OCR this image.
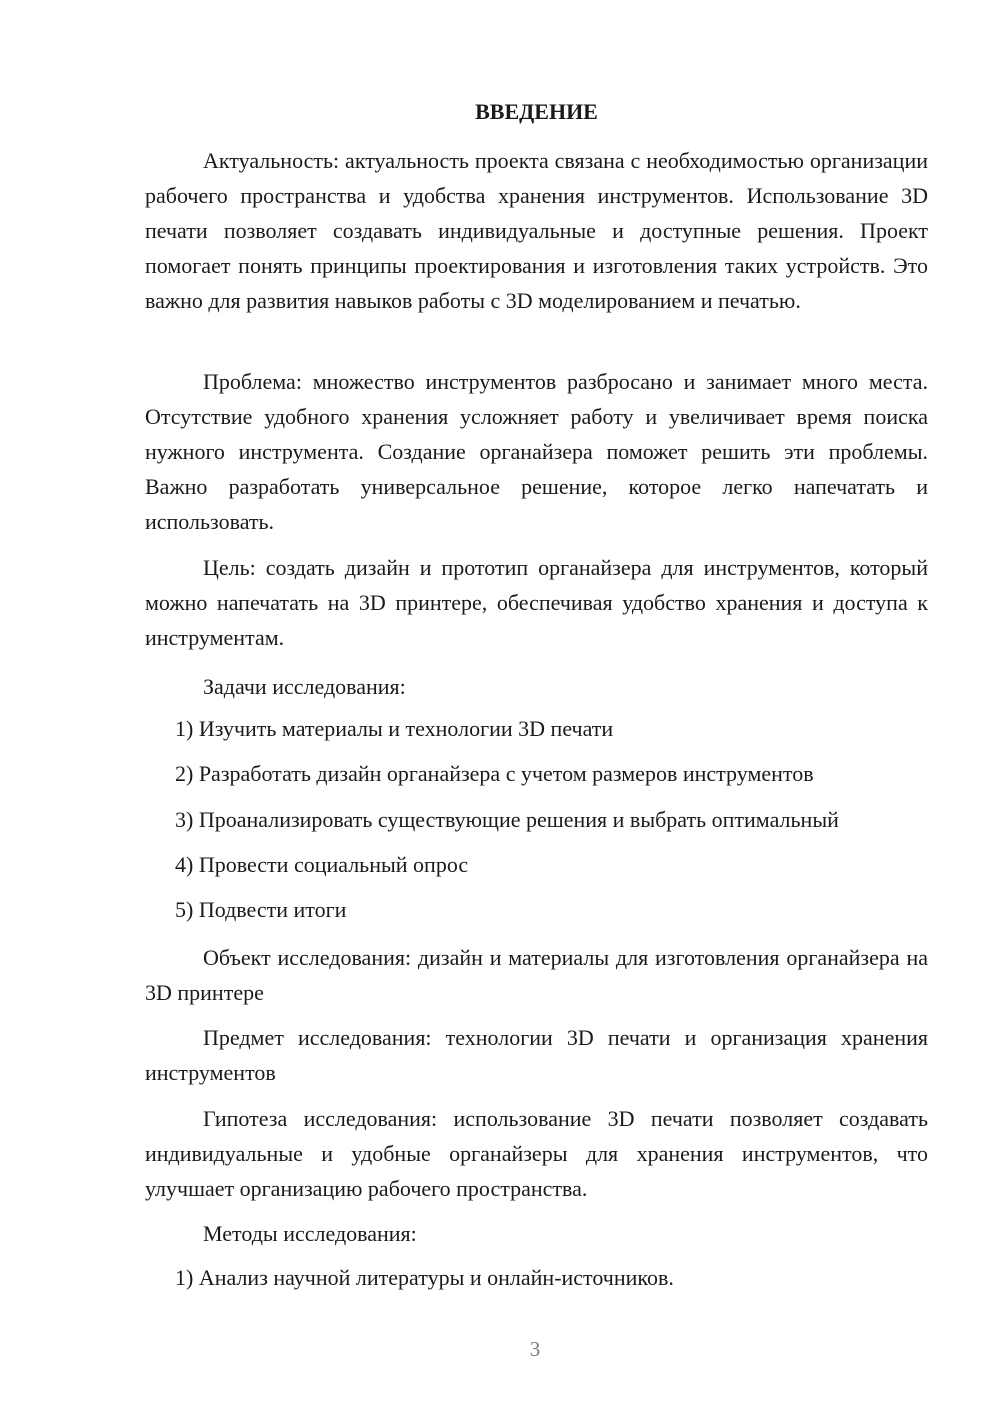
ВВЕДЕНИЕ

Актуальность: актуальность проекта связана с необходимостью организации рабочего пространства и удобства хранения инструментов. Использование 3D печати позволяет создавать индивидуальные и доступные решения. Проект помогает понять принципы проектирования и изготовления таких устройств. Это важно для развития навыков работы с 3D моделированием и печатью.

Проблема: множество инструментов разбросано и занимает много места. Отсутствие удобного хранения усложняет работу и увеличивает время поиска нужного инструмента. Создание органайзера поможет решить эти проблемы. Важно разработать универсальное решение, которое легко напечатать и использовать.

Цель: создать дизайн и прототип органайзера для инструментов, который можно напечатать на 3D принтере, обеспечивая удобство хранения и доступа к инструментам.

Задачи исследования:

1) Изучить материалы и технологии 3D печати

2) Разработать дизайн органайзера с учетом размеров инструментов

3) Проанализировать существующие решения и выбрать оптимальный

4) Провести социальный опрос

5) Подвести итоги

Объект исследования: дизайн и материалы для изготовления органайзера на 3D принтере

Предмет исследования: технологии 3D печати и организация хранения инструментов

Гипотеза исследования: использование 3D печати позволяет создавать индивидуальные и удобные органайзеры для хранения инструментов, что улучшает организацию рабочего пространства.

Методы исследования:

1) Анализ научной литературы и онлайн-источников.

3
